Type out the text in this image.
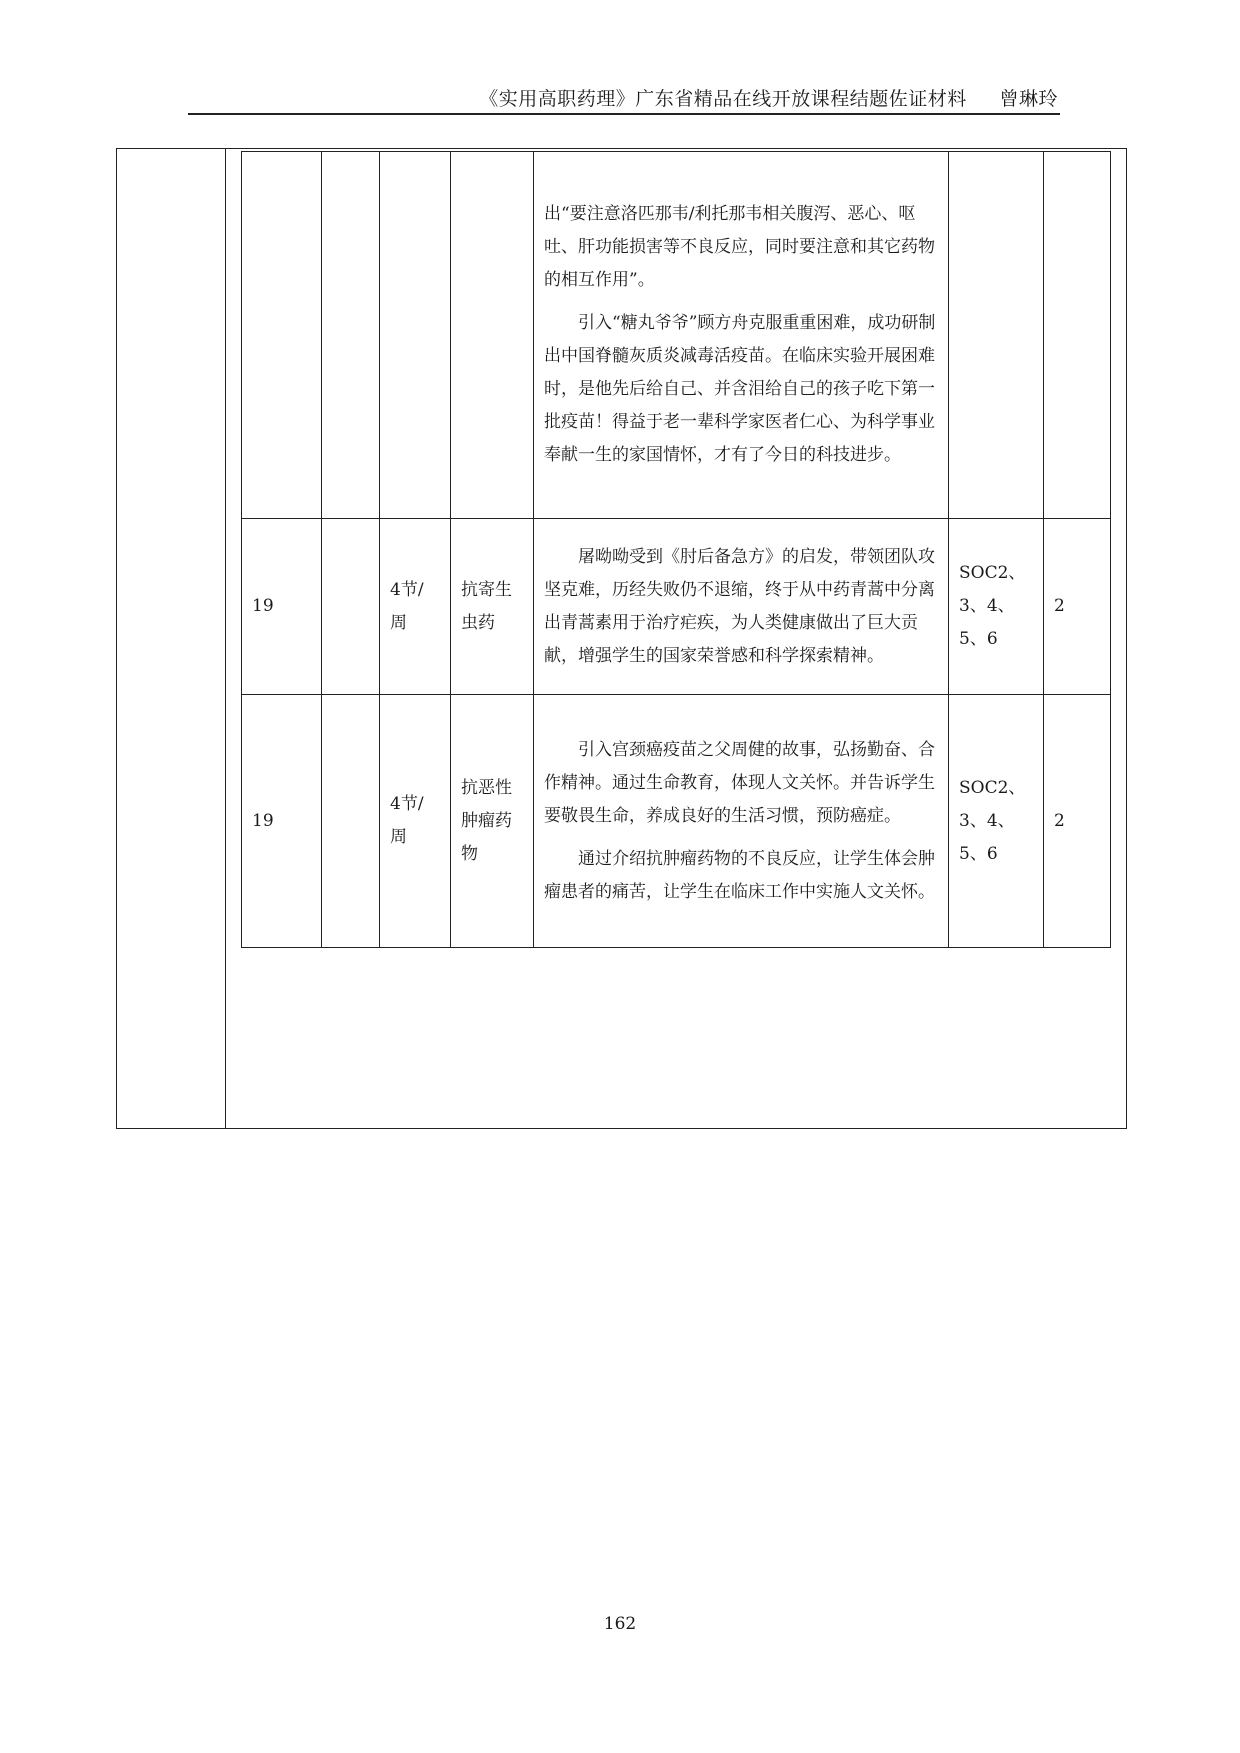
《实用高职药理》广东省精品在线开放课程结题佐证材料 曾琳玲

				出“要注意洛匹那韦/利托那韦相关腹泻、恶心、呕吐、肝功能损害等不良反应，同时要注意和其它药物的相互作用”。

引入“糖丸爷爷”顾方舟克服重重困难，成功研制出中国脊髓灰质炎减毒活疫苗。在临床实验开展困难时，是他先后给自己、并含泪给自己的孩子吃下第一批疫苗！得益于老一辈科学家医者仁心、为科学事业奉献一生的家国情怀，才有了今日的科技进步。		

19		4节/周	抗寄生虫药	屠呦呦受到《肘后备急方》的启发，带领团队攻坚克难，历经失败仍不退缩，终于从中药青蒿中分离出青蒿素用于治疗疟疾，为人类健康做出了巨大贡献，增强学生的国家荣誉感和科学探索精神。	SOC2、3、4、5、6	2
19		4节/周	抗恶性肿瘤药物	引入宫颈癌疫苗之父周健的故事，弘扬勤奋、合作精神。通过生命教育，体现人文关怀。并告诉学生要敬畏生命，养成良好的生活习惯，预防癌症。

通过介绍抗肿瘤药物的不良反应，让学生体会肿瘤患者的痛苦，让学生在临床工作中实施人文关怀。	SOC2、3、4、5、6	2
162
